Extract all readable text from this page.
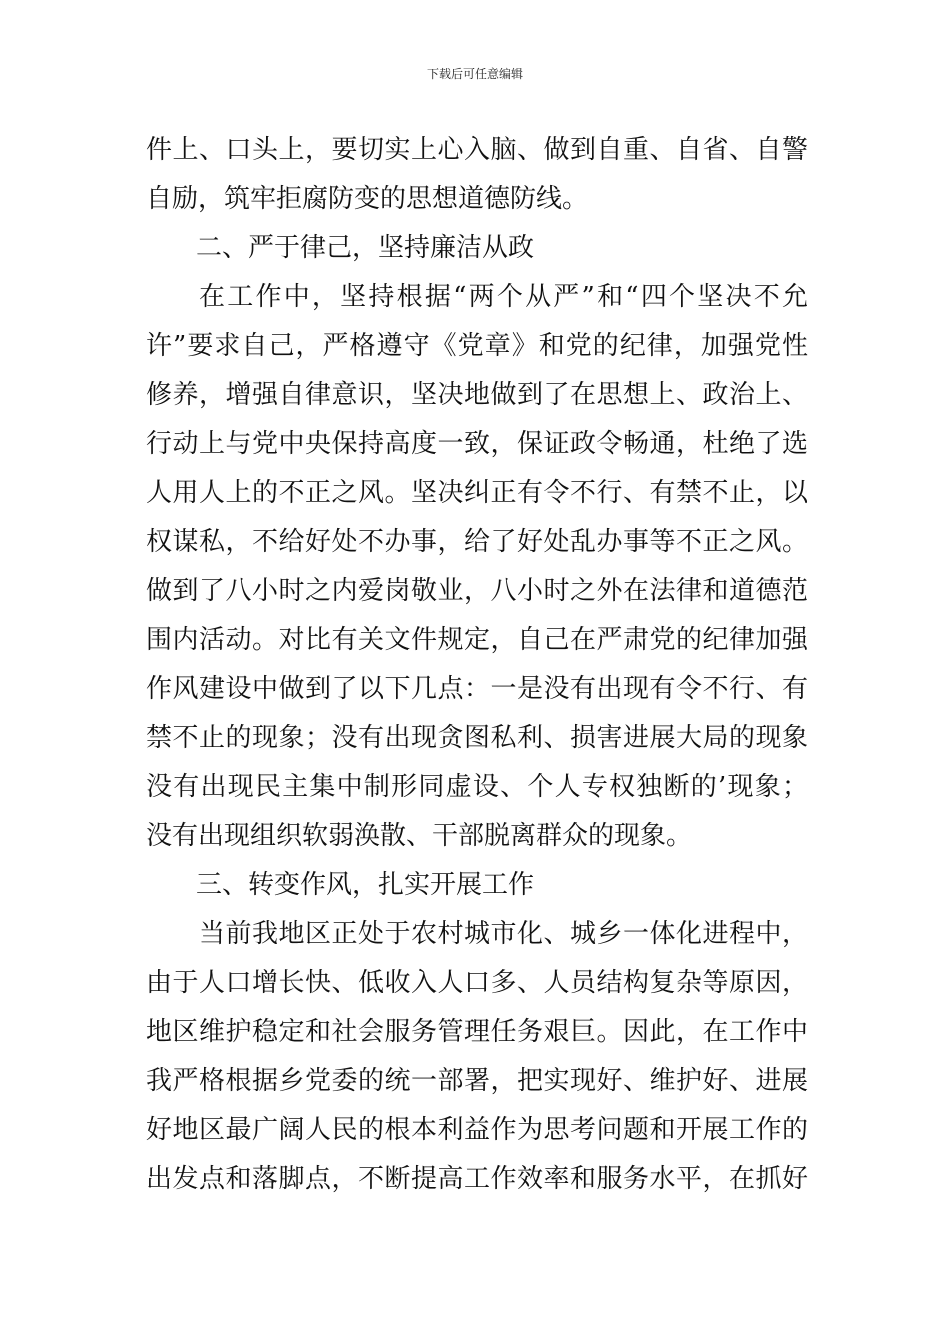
下载后可任意编辑
件上、口头上，要切实上心入脑、做到自重、自省、自警
自励，筑牢拒腐防变的思想道德防线。
二、严于律己，坚持廉洁从政
在工作中，坚持根据“两个从严”和“四个坚决不允
许”要求自己，严格遵守《党章》和党的纪律，加强党性
修养，增强自律意识，坚决地做到了在思想上、政治上、
行动上与党中央保持高度一致，保证政令畅通，杜绝了选
人用人上的不正之风。坚决纠正有令不行、有禁不止，以
权谋私，不给好处不办事，给了好处乱办事等不正之风。
做到了八小时之内爱岗敬业，八小时之外在法律和道德范
围内活动。对比有关文件规定，自己在严肃党的纪律加强
作风建设中做到了以下几点：一是没有出现有令不行、有
禁不止的现象；没有出现贪图私利、损害进展大局的现象
没有出现民主集中制形同虚设、个人专权独断的’现象；
没有出现组织软弱涣散、干部脱离群众的现象。
三、转变作风，扎实开展工作
当前我地区正处于农村城市化、城乡一体化进程中，
由于人口增长快、低收入人口多、人员结构复杂等原因，
地区维护稳定和社会服务管理任务艰巨。因此，在工作中
我严格根据乡党委的统一部署，把实现好、维护好、进展
好地区最广阔人民的根本利益作为思考问题和开展工作的
出发点和落脚点，不断提高工作效率和服务水平，在抓好
